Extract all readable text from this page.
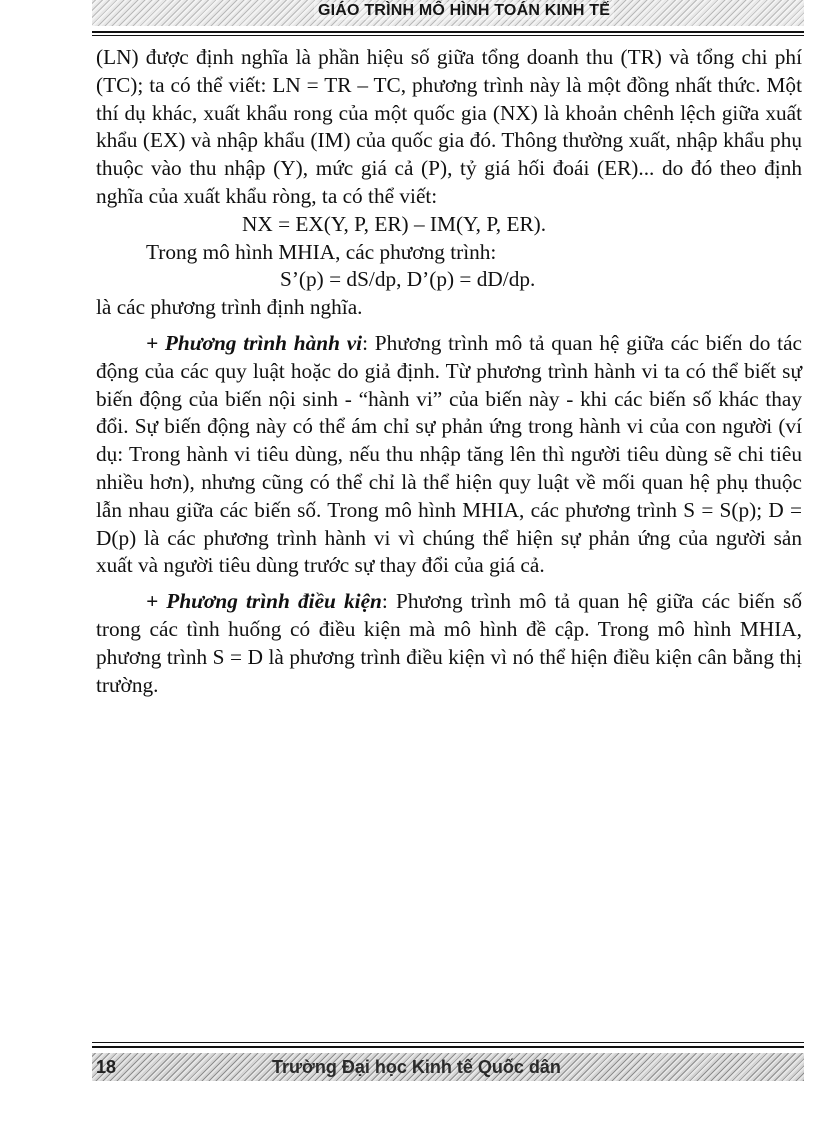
GIÁO TRÌNH MÔ HÌNH TOÁN KINH TẾ

(LN) được định nghĩa là phần hiệu số giữa tổng doanh thu (TR) và tổng chi phí (TC); ta có thể viết: LN = TR – TC, phương trình này là một đồng nhất thức. Một thí dụ khác, xuất khẩu rong của một quốc gia (NX) là khoản chênh lệch giữa xuất khẩu (EX) và nhập khẩu (IM) của quốc gia đó. Thông thường xuất, nhập khẩu phụ thuộc vào thu nhập (Y), mức giá cả (P), tỷ giá hối đoái (ER)... do đó theo định nghĩa của xuất khẩu ròng, ta có thể viết:

NX = EX(Y, P, ER) – IM(Y, P, ER).
Trong mô hình MHIA, các phương trình:
S’(p) = dS/dp, D’(p) = dD/dp.

là các phương trình định nghĩa.

+ Phương trình hành vi: Phương trình mô tả quan hệ giữa các biến do tác động của các quy luật hoặc do giả định. Từ phương trình hành vi ta có thể biết sự biến động của biến nội sinh - “hành vi” của biến này - khi các biến số khác thay đổi. Sự biến động này có thể ám chỉ sự phản ứng trong hành vi của con người (ví dụ: Trong hành vi tiêu dùng, nếu thu nhập tăng lên thì người tiêu dùng sẽ chi tiêu nhiều hơn), nhưng cũng có thể chỉ là thể hiện quy luật về mối quan hệ phụ thuộc lẫn nhau giữa các biến số. Trong mô hình MHIA, các phương trình S = S(p); D = D(p) là các phương trình hành vi vì chúng thể hiện sự phản ứng của người sản xuất và người tiêu dùng trước sự thay đổi của giá cả.

+ Phương trình điều kiện: Phương trình mô tả quan hệ giữa các biến số trong các tình huống có điều kiện mà mô hình đề cập. Trong mô hình MHIA, phương trình S = D là phương trình điều kiện vì nó thể hiện điều kiện cân bằng thị trường.

18	Trường Đại học Kinh tế Quốc dân
